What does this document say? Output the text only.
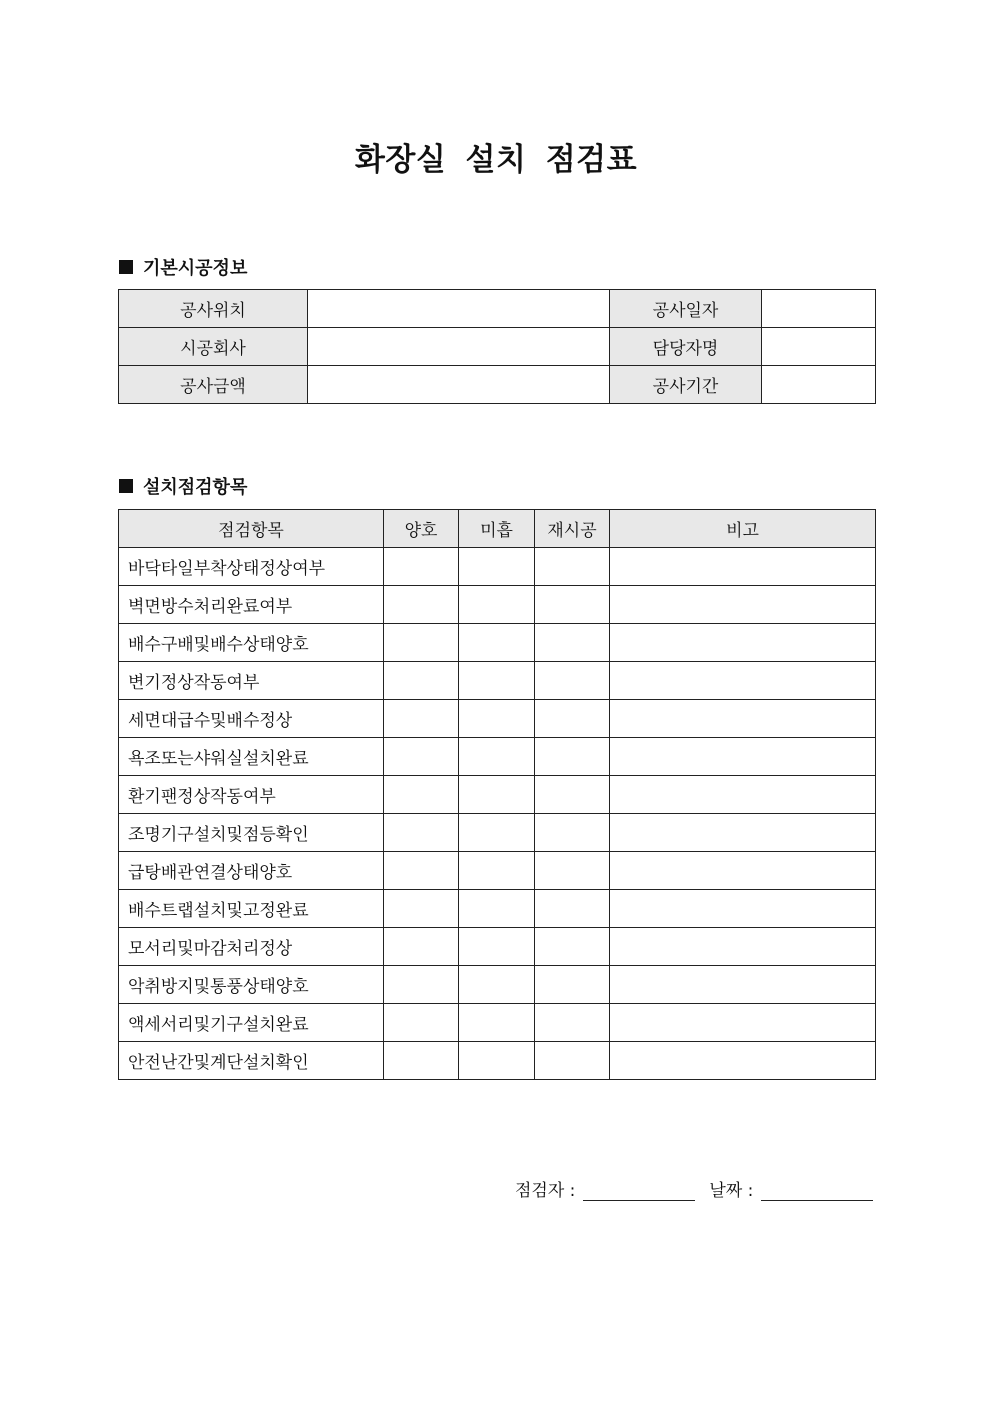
화장실 설치 점검표
기본시공정보
공사위치		공사일자	
시공회사		담당자명	
공사금액		공사기간	
설치점검항목
점검항목	양호	미흡	재시공	비고
바닥타일부착상태정상여부				
벽면방수처리완료여부				
배수구배및배수상태양호				
변기정상작동여부				
세면대급수및배수정상				
욕조또는샤워실설치완료				
환기팬정상작동여부				
조명기구설치및점등확인				
급탕배관연결상태양호				
배수트랩설치및고정완료				
모서리및마감처리정상				
악취방지및통풍상태양호				
액세서리및기구설치완료				
안전난간및계단설치확인				
점검자 :	날짜 :
